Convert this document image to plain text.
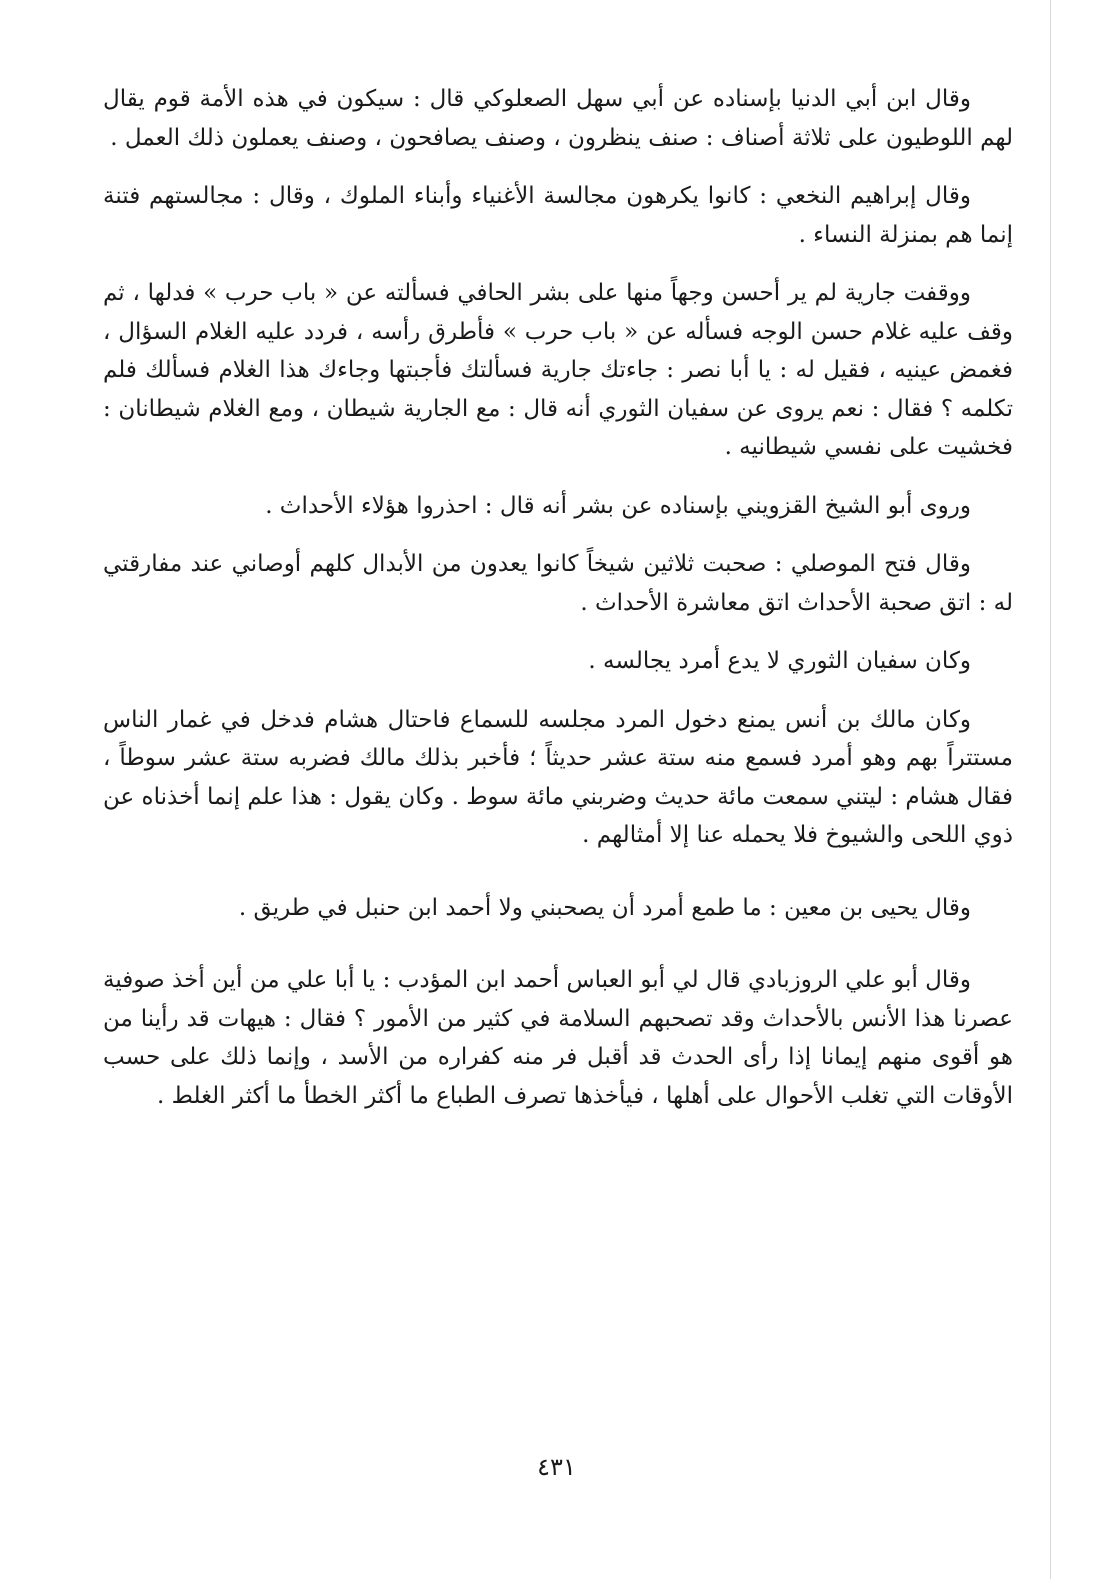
وقال ابن أبي الدنيا بإسناده عن أبي سهل الصعلوكي قال : سيكون في هذه الأمة قوم يقال لهم اللوطيون على ثلاثة أصناف : صنف ينظرون ، وصنف يصافحون ، وصنف يعملون ذلك العمل .

وقال إبراهيم النخعي : كانوا يكرهون مجالسة الأغنياء وأبناء الملوك ، وقال : مجالستهم فتنة إنما هم بمنزلة النساء .

ووقفت جارية لم ير أحسن وجهاً منها على بشر الحافي فسألته عن « باب حرب » فدلها ، ثم وقف عليه غلام حسن الوجه فسأله عن « باب حرب » فأطرق رأسه ، فردد عليه الغلام السؤال ، فغمض عينيه ، فقيل له : يا أبا نصر : جاءتك جارية فسألتك فأجبتها وجاءك هذا الغلام فسألك فلم تكلمه ؟ فقال : نعم يروى عن سفيان الثوري أنه قال : مع الجارية شيطان ، ومع الغلام شيطانان : فخشيت على نفسي شيطانيه .

وروى أبو الشيخ القزويني بإسناده عن بشر أنه قال : احذروا هؤلاء الأحداث .

وقال فتح الموصلي : صحبت ثلاثين شيخاً كانوا يعدون من الأبدال كلهم أوصاني عند مفارقتي له : اتق صحبة الأحداث اتق معاشرة الأحداث .

وكان سفيان الثوري لا يدع أمرد يجالسه .

وكان مالك بن أنس يمنع دخول المرد مجلسه للسماع فاحتال هشام فدخل في غمار الناس مستتراً بهم وهو أمرد فسمع منه ستة عشر حديثاً ؛ فأخبر بذلك مالك فضربه ستة عشر سوطاً ، فقال هشام : ليتني سمعت مائة حديث وضربني مائة سوط . وكان يقول : هذا علم إنما أخذناه عن ذوي اللحى والشيوخ فلا يحمله عنا إلا أمثالهم .

وقال يحيى بن معين : ما طمع أمرد أن يصحبني ولا أحمد ابن حنبل في طريق .

وقال أبو علي الروزبادي قال لي أبو العباس أحمد ابن المؤدب : يا أبا علي من أين أخذ صوفية عصرنا هذا الأنس بالأحداث وقد تصحبهم السلامة في كثير من الأمور ؟ فقال : هيهات قد رأينا من هو أقوى منهم إيمانا إذا رأى الحدث قد أقبل فر منه كفراره من الأسد ، وإنما ذلك على حسب الأوقات التي تغلب الأحوال على أهلها ، فيأخذها تصرف الطباع ما أكثر الخطأ ما أكثر الغلط .

٤٣١
